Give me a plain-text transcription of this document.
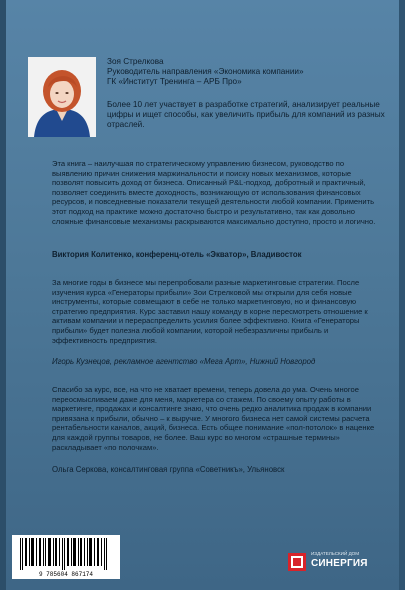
Зоя Стрелкова
Руководитель направления «Экономика компании»
ГК «Институт Тренинга – АРБ Про»
Более 10 лет участвует в разработке стратегий, анализирует реальные цифры и ищет способы, как увеличить прибыль для компаний из разных отраслей.

Эта книга – наилучшая по стратегическому управлению бизнесом, руководство по выявлению причин снижения маржинальности и поиску новых механизмов, которые позволят повысить доход от бизнеса. Описанный P&L-подход, добротный и практичный, позволяет соединить вместе доходность, возникающую от использования финансовых ресурсов, и повседневные показатели текущей деятельности любой компании. Применить этот подход на практике можно достаточно быстро и результативно, так как довольно сложные финансовые механизмы раскрываются максимально доступно, просто и логично.

Виктория Колитенко, конференц-отель «Экватор», Владивосток

За многие годы в бизнесе мы перепробовали разные маркетинговые стратегии. После изучения курса «Генераторы прибыли» Зои Стрелковой мы открыли для себя новые инструменты, которые совмещают в себе не только маркетинговую, но и финансовую стратегию предприятия. Курс заставил нашу команду в корне пересмотреть отношение к активам компании и перераспределить усилия более эффективно. Книга «Генераторы прибыли» будет полезна любой компании, которой небезразличны прибыль и эффективность предприятия.

Игорь Кузнецов, рекламное агентство «Мега Арт», Нижний Новгород

Спасибо за курс, все, на что не хватает времени, теперь довела до ума. Очень многое переосмысливаем даже для меня, маркетера со стажем. По своему опыту работы в маркетинге, продажах и консалтинге знаю, что очень редко аналитика продаж в компании привязана к прибыли, обычно – к выручке. У многого бизнеса нет самой системы расчета рентабельности каналов, акций, бизнеса. Есть общее понимание «пол-потолок» в наценке для каждой группы товаров, не более. Ваш курс во многом «страшные термины» раскладывает «по полочкам».

Ольга Серкова, консалтинговая группа «Советникъ», Ульяновск
9 785604 867174
ИЗДАТЕЛЬСКИЙ ДОМ
СИНЕРГИЯ
